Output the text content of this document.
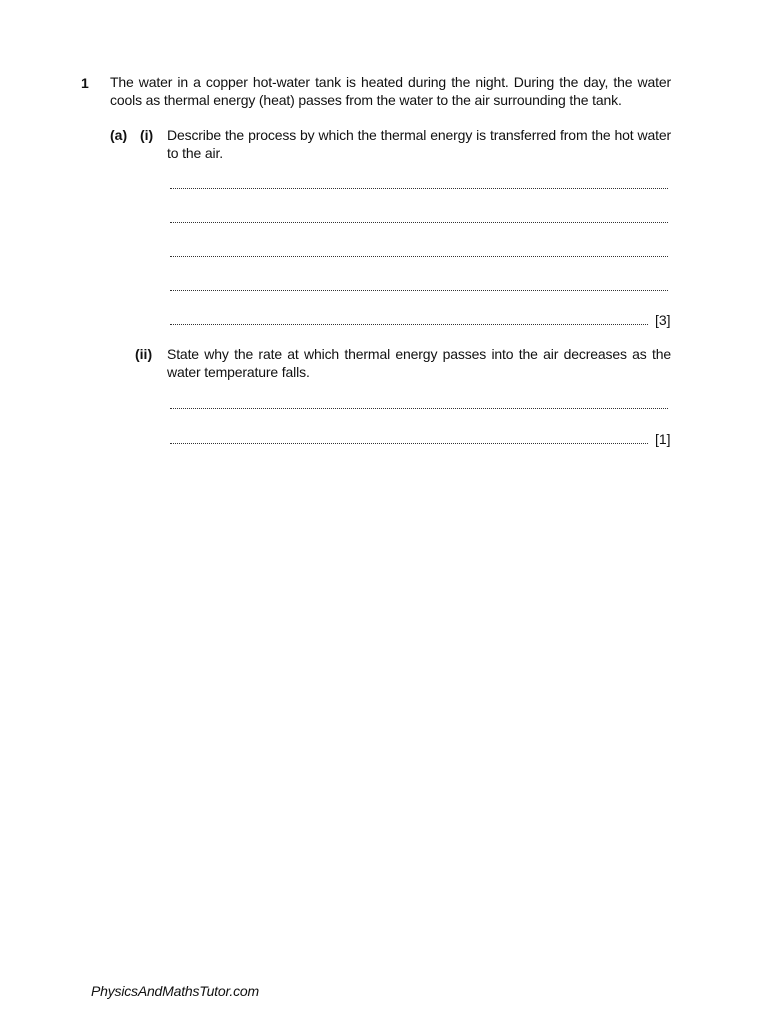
1 The water in a copper hot-water tank is heated during the night. During the day, the water cools as thermal energy (heat) passes from the water to the air surrounding the tank.
(a) (i) Describe the process by which the thermal energy is transferred from the hot water to the air.
[3]
(ii) State why the rate at which thermal energy passes into the air decreases as the water temperature falls.
[1]
PhysicsAndMathsTutor.com
